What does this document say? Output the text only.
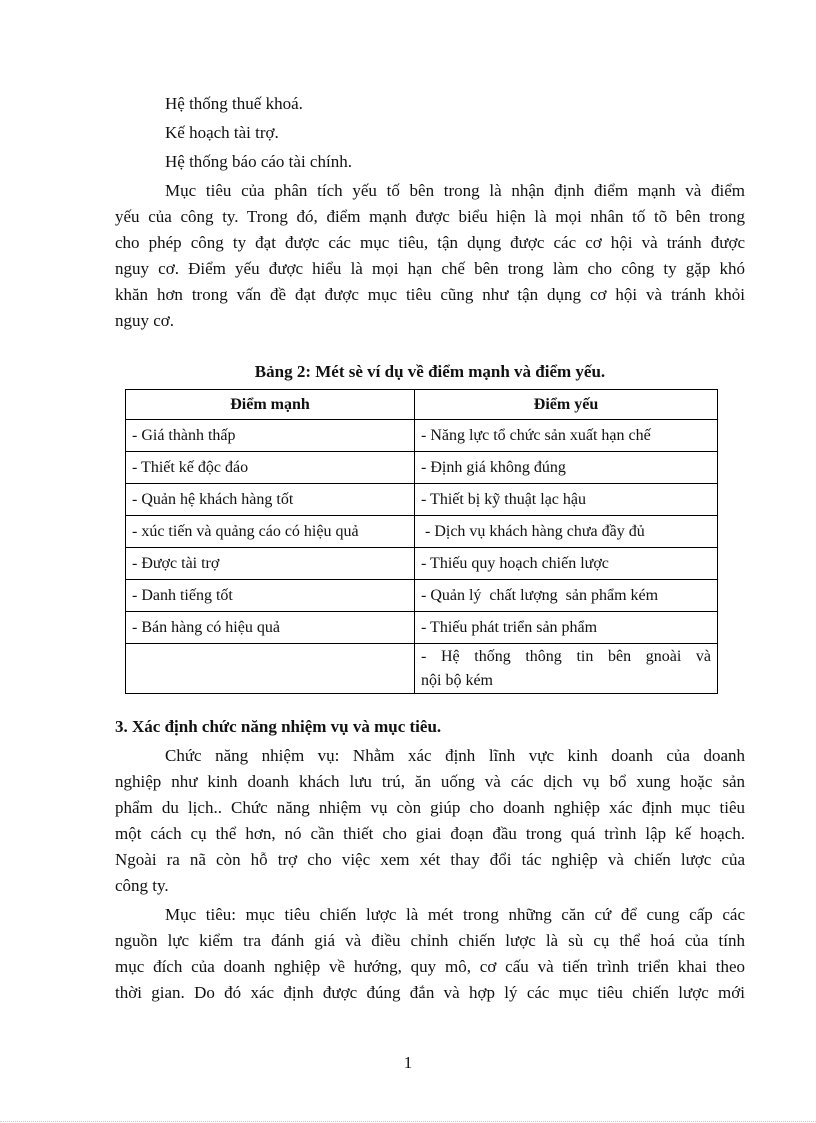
Hệ thống thuế khoá.
Kế hoạch tài trợ.
Hệ thống báo cáo tài chính.
Mục tiêu của phân tích yếu tố bên trong là nhận định điểm mạnh và điểm
yếu của công ty. Trong đó, điểm mạnh được biểu hiện là mọi nhân tố tõ bên trong
cho phép công ty đạt được các mục tiêu, tận dụng được các cơ hội và tránh được
nguy cơ. Điểm yếu được hiểu là mọi hạn chế bên trong làm cho công ty gặp khó
khăn hơn trong vấn đề đạt được mục tiêu cũng như tận dụng cơ hội và tránh khỏi
nguy cơ.
Bảng 2: Mét sè ví dụ về điểm mạnh và điểm yếu.
Điểm mạnh	Điểm yếu
- Giá thành thấp	- Năng lực tổ chức sản xuất hạn chế
- Thiết kế độc đáo	- Định giá không đúng
- Quản hệ khách hàng tốt	- Thiết bị kỹ thuật lạc hậu
- xúc tiến và quảng cáo có hiệu quả	- Dịch vụ khách hàng chưa đầy đủ
- Được tài trợ	- Thiếu quy hoạch chiến lược
- Danh tiếng tốt	- Quản lý  chất lượng  sản phẩm kém
- Bán hàng có hiệu quả	- Thiếu phát triển sản phẩm

	- Hệ thống thông tin bên gnoài và
nội bộ kém
3. Xác định chức năng nhiệm vụ và mục tiêu.
Chức năng nhiệm vụ: Nhằm xác định lĩnh vực kinh doanh của doanh
nghiệp như kinh doanh khách lưu trú, ăn uống và các dịch vụ bổ xung hoặc sản
phẩm du lịch.. Chức năng nhiệm vụ còn giúp cho doanh nghiệp xác định mục tiêu
một cách cụ thể hơn, nó cần thiết cho giai đoạn đầu trong quá trình lập kế hoạch.
Ngoài ra nã còn hỗ trợ cho việc xem xét thay đổi tác nghiệp và chiến lược của
công ty.
Mục tiêu: mục tiêu chiến lược là mét trong những căn cứ để cung cấp các
nguồn lực kiểm tra đánh giá và điều chỉnh chiến lược là sù cụ thể hoá của tính
mục đích của doanh nghiệp về hướng, quy mô, cơ cấu và tiến trình triển khai theo
thời gian. Do đó xác định được đúng đắn và hợp lý các mục tiêu chiến lược mới
1
